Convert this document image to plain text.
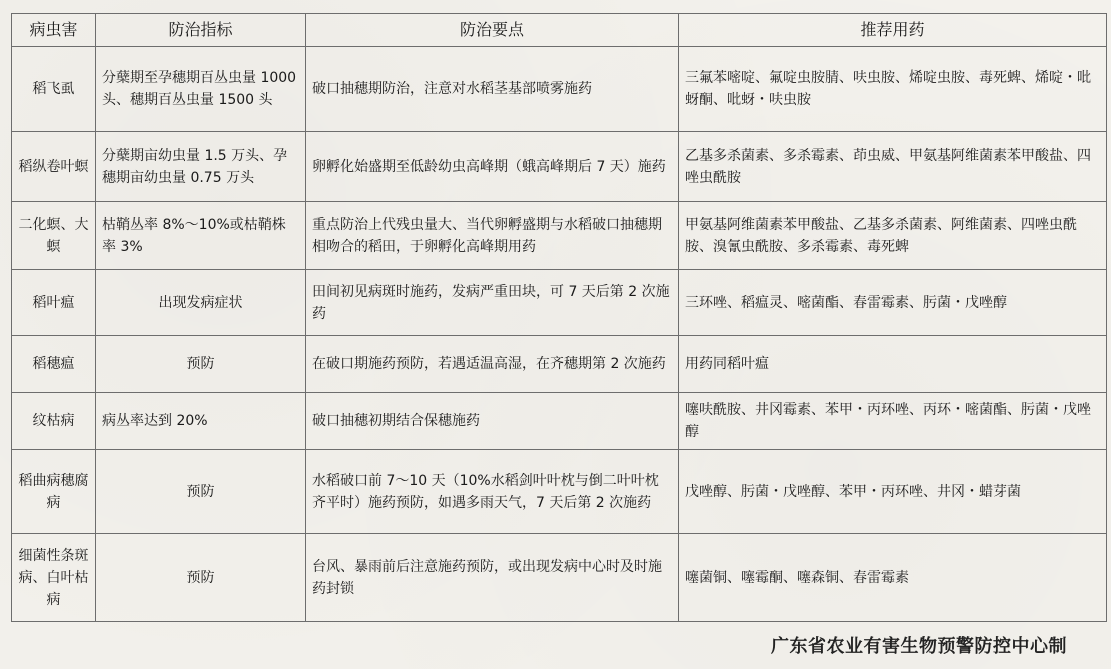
病虫害	防治指标	防治要点	推荐用药
稻飞虱	分蘖期至孕穗期百丛虫量 1000 头、穗期百丛虫量 1500 头	破口抽穗期防治，注意对水稻茎基部喷雾施药	三氟苯嘧啶、氟啶虫胺腈、呋虫胺、烯啶虫胺、毒死蜱、烯啶・吡蚜酮、吡蚜・呋虫胺
稻纵卷叶螟	分蘖期亩幼虫量 1.5 万头、孕穗期亩幼虫量 0.75 万头	卵孵化始盛期至低龄幼虫高峰期（蛾高峰期后 7 天）施药	乙基多杀菌素、多杀霉素、茚虫威、甲氨基阿维菌素苯甲酸盐、四唑虫酰胺
二化螟、大螟	枯鞘丛率 8%～10%或枯鞘株率 3%	重点防治上代残虫量大、当代卵孵盛期与水稻破口抽穗期相吻合的稻田，于卵孵化高峰期用药	甲氨基阿维菌素苯甲酸盐、乙基多杀菌素、阿维菌素、四唑虫酰胺、溴氰虫酰胺、多杀霉素、毒死蜱
稻叶瘟	出现发病症状	田间初见病斑时施药，发病严重田块，可 7 天后第 2 次施药	三环唑、稻瘟灵、嘧菌酯、春雷霉素、肟菌・戊唑醇
稻穗瘟	预防	在破口期施药预防，若遇适温高湿，在齐穗期第 2 次施药	用药同稻叶瘟
纹枯病	病丛率达到 20%	破口抽穗初期结合保穗施药	噻呋酰胺、井冈霉素、苯甲・丙环唑、丙环・嘧菌酯、肟菌・戊唑醇
稻曲病穗腐病	预防	水稻破口前 7～10 天（10%水稻剑叶叶枕与倒二叶叶枕齐平时）施药预防，如遇多雨天气，7 天后第 2 次施药	戊唑醇、肟菌・戊唑醇、苯甲・丙环唑、井冈・蜡芽菌
细菌性条斑病、白叶枯病	预防	台风、暴雨前后注意施药预防，或出现发病中心时及时施药封锁	噻菌铜、噻霉酮、噻森铜、春雷霉素
广东省农业有害生物预警防控中心制
